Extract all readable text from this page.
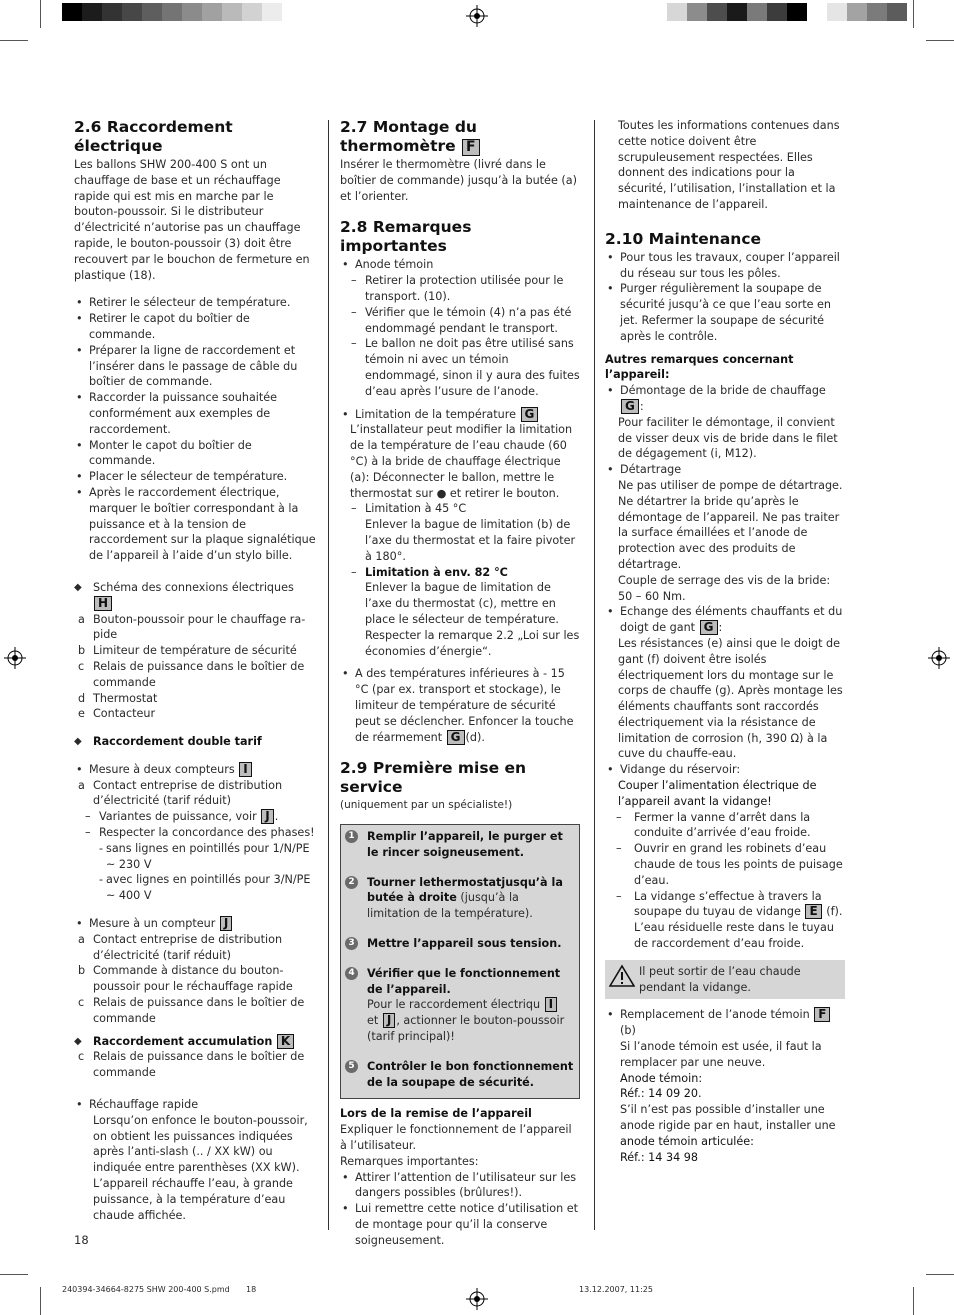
2.6 Raccordement électrique

Les ballons SHW 200-400 S ont un chauffage de base et un réchauffage rapide qui est mis en marche par le bouton-poussoir. Si le distributeur d’électricité n’autorise pas un chauffage rapide, le bouton-poussoir (3) doit être recouvert par le bouchon de fermeture en plastique (18).

• Retirer le sélecteur de température.
• Retirer le capot du boîtier de commande.
• Préparer la ligne de raccordement et l’insérer dans le passage de câble du boîtier de commande.
• Raccorder la puissance souhaitée conformément aux exemples de raccordement.
• Monter le capot du boîtier de commande.
• Placer le sélecteur de température.
• Après le raccordement électrique, marquer le boîtier correspondant à la puissance et à la tension de raccordement sur la plaque signalétique de l’appareil à l’aide d’un stylo bille.
◆ Schéma des connexions électriques H
a Bouton-poussoir pour le chauffage ra-pide
b Limiteur de température de sécurité
c Relais de puissance dans le boîtier de commande
d Thermostat
e Contacteur
◆ Raccordement double tarif
• Mesure à deux compteurs I
a Contact entreprise de distribution d’électricité (tarif réduit)
– Variantes de puissance, voir J .
– Respecter la concordance des phases!
- sans lignes en pointillés pour 1/N/PE ~ 230 V
- avec lignes en pointillés pour 3/N/PE ~ 400 V
• Mesure à un compteur J
a Contact entreprise de distribution d’électricité (tarif réduit)
b Commande à distance du bouton-poussoir pour le réchauffage rapide
c Relais de puissance dans le boîtier de commande
◆ Raccordement accumulation K
c Relais de puissance dans le boîtier de commande
• Réchauffage rapide

Lorsqu’on enfonce le bouton-poussoir, on obtient les puissances indiquées après l’anti-slash (.. / XX kW) ou indiquée entre parenthèses (XX kW). L’appareil réchauffe l’eau, à grande puissance, à la température d’eau chaude affichée.

18
2.7 Montage du thermomètre F

Insérer le thermomètre (livré dans le boîtier de commande) jusqu’à la butée (a) et l’orienter.

2.8 Remarques importantes
• Anode témoin
– Retirer la protection utilisée pour le transport. (10).
– Vérifier que le témoin (4) n’a pas été endommagé pendant le transport.
– Le ballon ne doit pas être utilisé sans témoin ni avec un témoin endommagé, sinon il y aura des fuites d’eau après l’usure de l’anode.
• Limitation de la température G

L’installateur peut modifier la limitation de la température de l’eau chaude (60 °C) à la bride de chauffage électrique (a): Déconnecter le ballon, mettre le thermostat sur ● et retirer le bouton.

– Limitation à 45 °C

Enlever la bague de limitation (b) de l’axe du thermostat et la faire pivoter à 180°.

– Limitation à env. 82 °C

Enlever la bague de limitation de l’axe du thermostat (c), mettre en place le sélecteur de température. Respecter la remarque 2.2 „Loi sur les économies d’énergie“.

• A des températures inférieures à - 15 °C (par ex. transport et stockage), le limiteur de température de sécurité peut se déclencher. Enfoncer la touche de réarmement G (d).
2.9 Première mise en service

(uniquement par un spécialiste!)

1	Remplir l’appareil, le purger et le rincer soigneusement.
2	Tourner lethermostatjusqu’à la butée à droite (jusqu’à la limitation de la température).
3	Mettre l’appareil sous tension.
4	Vérifier que le fonctionnement de l’appareil.
Pour le raccordement électriqu I
et J , actionner le bouton-poussoir (tarif principal)!
5	Contrôler le bon fonctionnement de la soupape de sécurité.

Lors de la remise de l’appareil

Expliquer le fonctionnement de l’appareil à l’utilisateur.

Remarques importantes:

• Attirer l’attention de l’utilisateur sur les dangers possibles (brûlures!).
• Lui remettre cette notice d’utilisation et de montage pour qu’il la conserve soigneusement.

Toutes les informations contenues dans cette notice doivent être scrupuleusement respectées. Elles donnent des indications pour la sécurité, l’utilisation, l’installation et la maintenance de l’appareil.

2.10 Maintenance
• Pour tous les travaux, couper l’appareil du réseau sur tous les pôles.
• Purger régulièrement la soupape de sécurité jusqu’à ce que l’eau sorte en jet. Refermer la soupape de sécurité après le contrôle.

Autres remarques concernant l’appareil:

• Démontage de la bride de chauffage G :

Pour faciliter le démontage, il convient de visser deux vis de bride dans le filet de dégagement (i, M12).

• Détartrage

Ne pas utiliser de pompe de détartrage. Ne détartrer la bride qu’après le démontage de l’appareil. Ne pas traiter la surface émaillées et l’anode de protection avec des produits de détartrage.

Couple de serrage des vis de la bride: 50 – 60 Nm.

• Echange des éléments chauffants et du doigt de gant G :

Les résistances (e) ainsi que le doigt de gant (f) doivent être isolés électriquement lors du montage sur le corps de chauffe (g). Après montage les éléments chauffants sont raccordés électriquement via la résistance de limitation de corrosion (h, 390 Ω) à la cuve du chauffe-eau.

• Vidange du réservoir:

Couper l’alimentation électrique de l’appareil avant la vidange!

– Fermer la vanne d’arrêt dans la conduite d’arrivée d’eau froide.
– Ouvrir en grand les robinets d’eau chaude de tous les points de puisage d’eau.
– La vidange s’effectue à travers la soupape du tuyau de vidange E (f). L’eau résiduelle reste dans le tuyau de raccordement d’eau froide.
Il peut sortir de l’eau chaude pendant la vidange.
• Remplacement de l’anode témoin F (b)

Si l’anode témoin est usée, il faut la remplacer par une neuve.

Anode témoin:

Réf.: 14 09 20.

S’il n’est pas possible d’installer une anode rigide par en haut, installer une

anode témoin articulée:

Réf.: 14 34 98

240394-34664-8275 SHW 200-400 S.pmd 18	13.12.2007, 11:25
